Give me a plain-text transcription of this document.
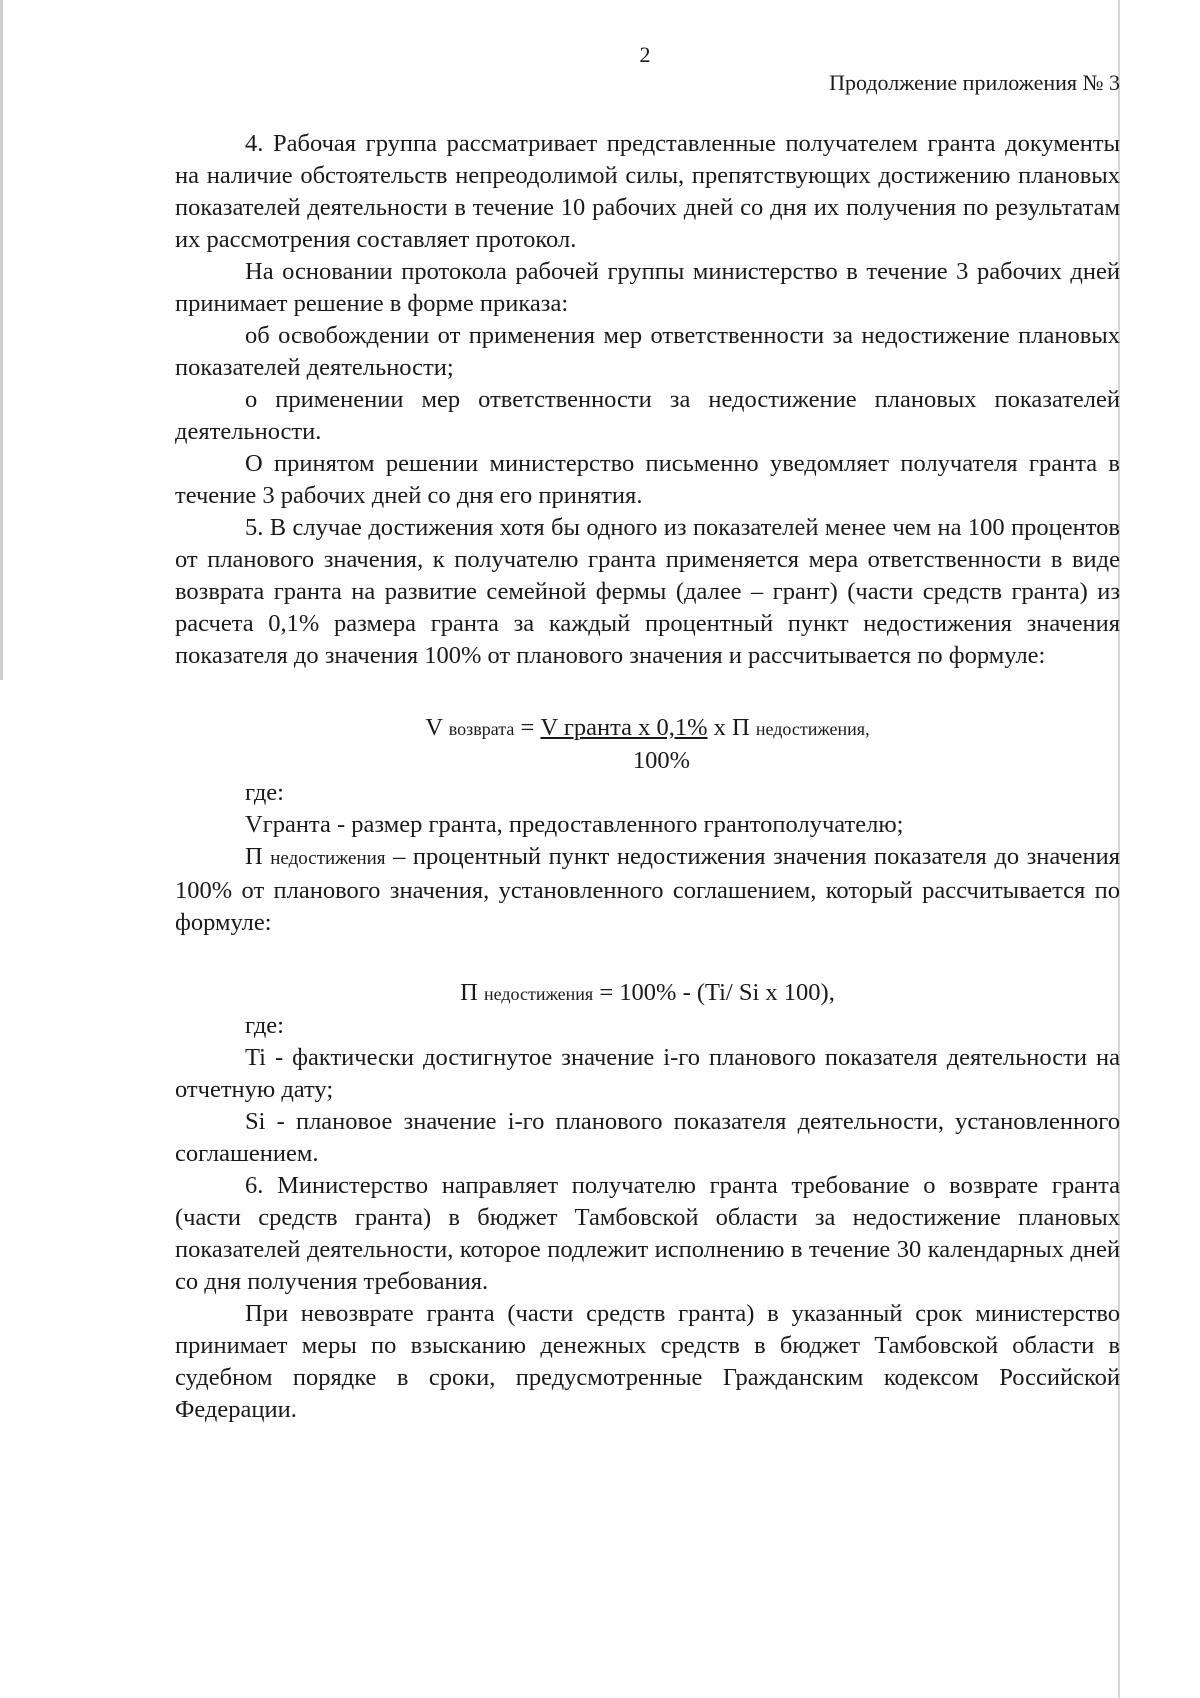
2
Продолжение приложения № 3

4. Рабочая группа рассматривает представленные получателем гранта документы на наличие обстоятельств непреодолимой силы, препятствующих достижению плановых показателей деятельности в течение 10 рабочих дней со дня их получения по результатам их рассмотрения составляет протокол.

На основании протокола рабочей группы министерство в течение 3 рабочих дней принимает решение в форме приказа:

об освобождении от применения мер ответственности за недостижение плановых показателей деятельности;

о применении мер ответственности за недостижение плановых показателей деятельности.

О принятом решении министерство письменно уведомляет получателя гранта в течение 3 рабочих дней со дня его принятия.

5. В случае достижения хотя бы одного из показателей менее чем на 100 процентов от планового значения, к получателю гранта применяется мера ответственности в виде возврата гранта на развитие семейной фермы (далее – грант) (части средств гранта) из расчета 0,1% размера гранта за каждый процентный пункт недостижения значения показателя до значения 100% от планового значения и рассчитывается по формуле:

V возврата = V гранта х 0,1% х П недостижения,
100%

где:

Vгранта - размер гранта, предоставленного грантополучателю;

П недостижения – процентный пункт недостижения значения показателя до значения 100% от планового значения, установленного соглашением, который рассчитывается по формуле:

П недостижения = 100% - (Ti/ Si х 100),

где:

Ti - фактически достигнутое значение i-го планового показателя деятельности на отчетную дату;

Si - плановое значение i-го планового показателя деятельности, установленного соглашением.

6. Министерство направляет получателю гранта требование о возврате гранта (части средств гранта) в бюджет Тамбовской области за недостижение плановых показателей деятельности, которое подлежит исполнению в течение 30 календарных дней со дня получения требования.

При невозврате гранта (части средств гранта) в указанный срок министерство принимает меры по взысканию денежных средств в бюджет Тамбовской области в судебном порядке в сроки, предусмотренные Гражданским кодексом Российской Федерации.
